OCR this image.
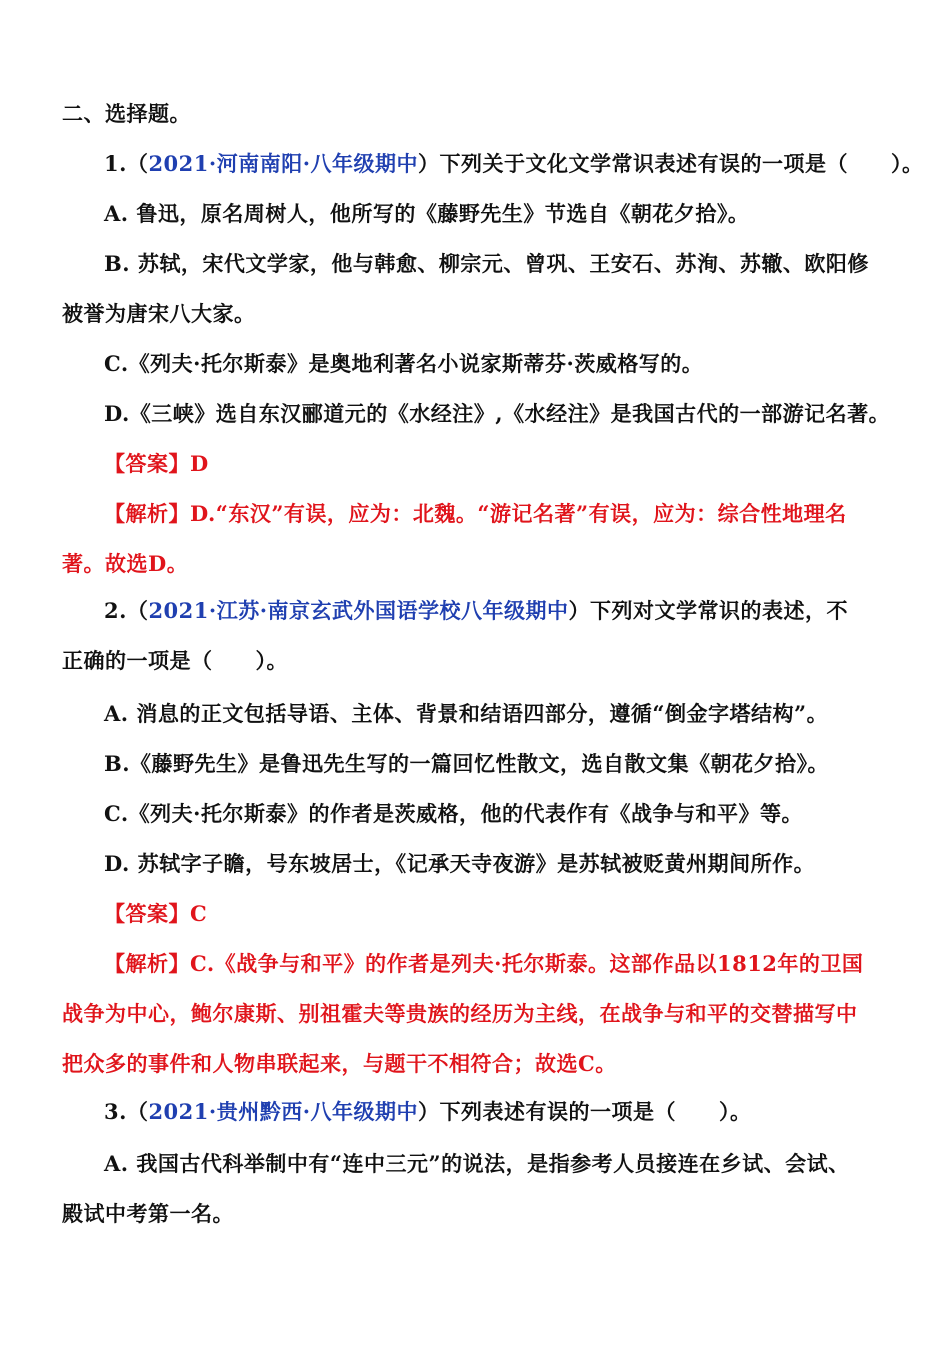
二、选择题。
1.（2021·河南南阳·八年级期中）下列关于文化文学常识表述有误的一项是（　　）。
A. 鲁迅，原名周树人，他所写的《藤野先生》节选自《朝花夕拾》。
B. 苏轼，宋代文学家，他与韩愈、柳宗元、曾巩、王安石、苏洵、苏辙、欧阳修
被誉为唐宋八大家。
C.《列夫·托尔斯泰》是奥地利著名小说家斯蒂芬·茨威格写的。
D.《三峡》选自东汉郦道元的《水经注》,《水经注》是我国古代的一部游记名著。
【答案】D
【解析】D.“东汉”有误，应为：北魏。“游记名著”有误，应为：综合性地理名
著。故选D。
2.（2021·江苏·南京玄武外国语学校八年级期中）下列对文学常识的表述，不
正确的一项是（　　）。
A. 消息的正文包括导语、主体、背景和结语四部分，遵循“倒金字塔结构”。
B.《藤野先生》是鲁迅先生写的一篇回忆性散文，选自散文集《朝花夕拾》。
C.《列夫·托尔斯泰》的作者是茨威格，他的代表作有《战争与和平》等。
D. 苏轼字子瞻，号东坡居士，《记承天寺夜游》是苏轼被贬黄州期间所作。
【答案】C
【解析】C.《战争与和平》的作者是列夫·托尔斯泰。这部作品以1812年的卫国
战争为中心，鲍尔康斯、别祖霍夫等贵族的经历为主线，在战争与和平的交替描写中
把众多的事件和人物串联起来，与题干不相符合；故选C。
3.（2021·贵州黔西·八年级期中）下列表述有误的一项是（　　）。
A. 我国古代科举制中有“连中三元”的说法，是指参考人员接连在乡试、会试、
殿试中考第一名。
